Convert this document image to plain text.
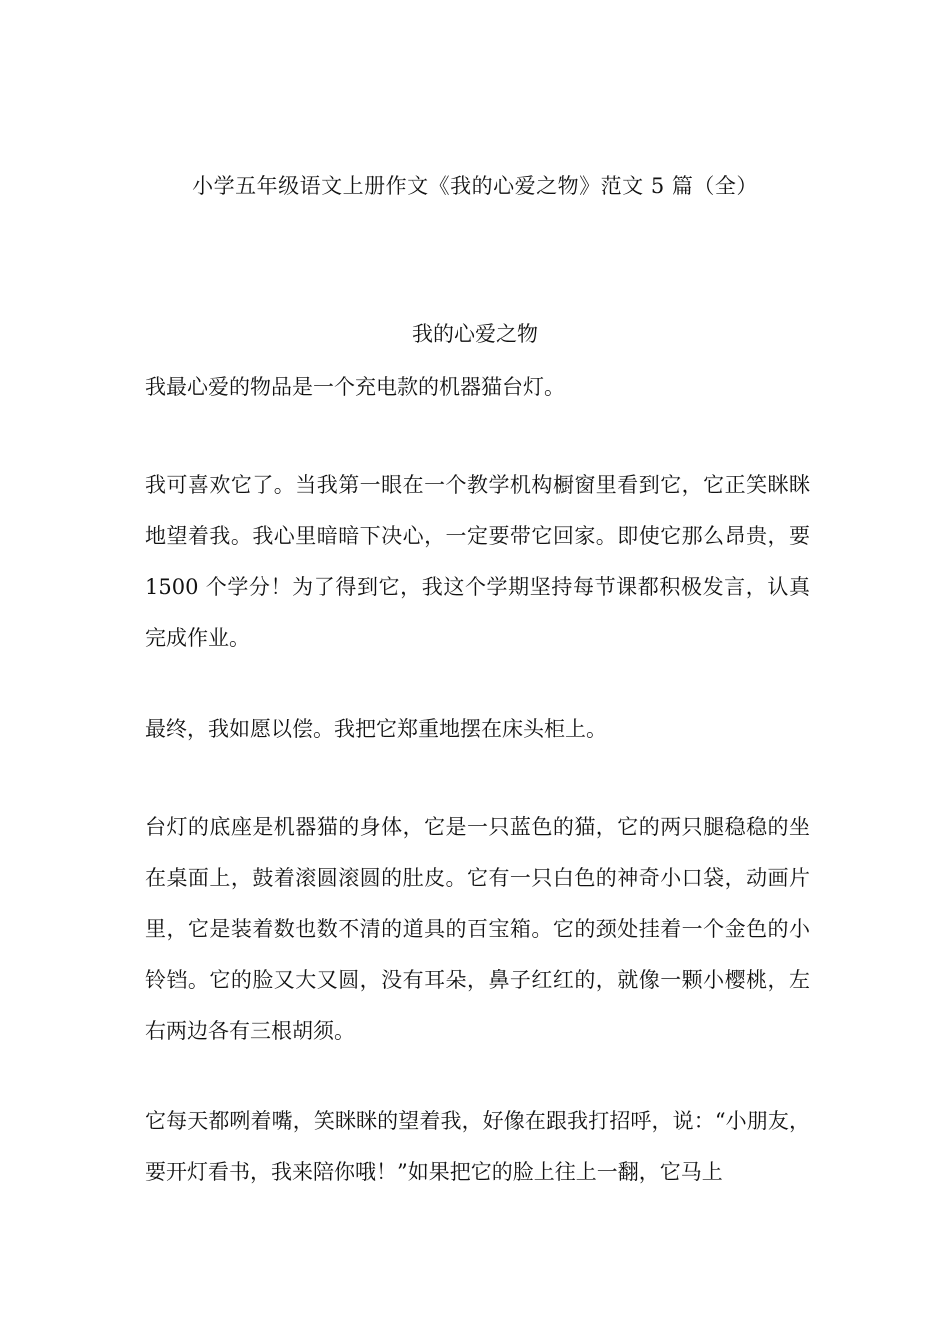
小学五年级语文上册作文《我的心爱之物》范文 5 篇（全）
我的心爱之物

我最心爱的物品是一个充电款的机器猫台灯。

我可喜欢它了。当我第一眼在一个教学机构橱窗里看到它，它正笑眯眯地望着我。我心里暗暗下决心，一定要带它回家。即使它那么昂贵，要 1500 个学分！为了得到它，我这个学期坚持每节课都积极发言，认真完成作业。

最终，我如愿以偿。我把它郑重地摆在床头柜上。

台灯的底座是机器猫的身体，它是一只蓝色的猫，它的两只腿稳稳的坐在桌面上，鼓着滚圆滚圆的肚皮。它有一只白色的神奇小口袋，动画片里，它是装着数也数不清的道具的百宝箱。它的颈处挂着一个金色的小铃铛。它的脸又大又圆，没有耳朵，鼻子红红的，就像一颗小樱桃，左右两边各有三根胡须。

它每天都咧着嘴，笑眯眯的望着我，好像在跟我打招呼，说：“小朋友，要开灯看书，我来陪你哦！”如果把它的脸上往上一翻，它马上
